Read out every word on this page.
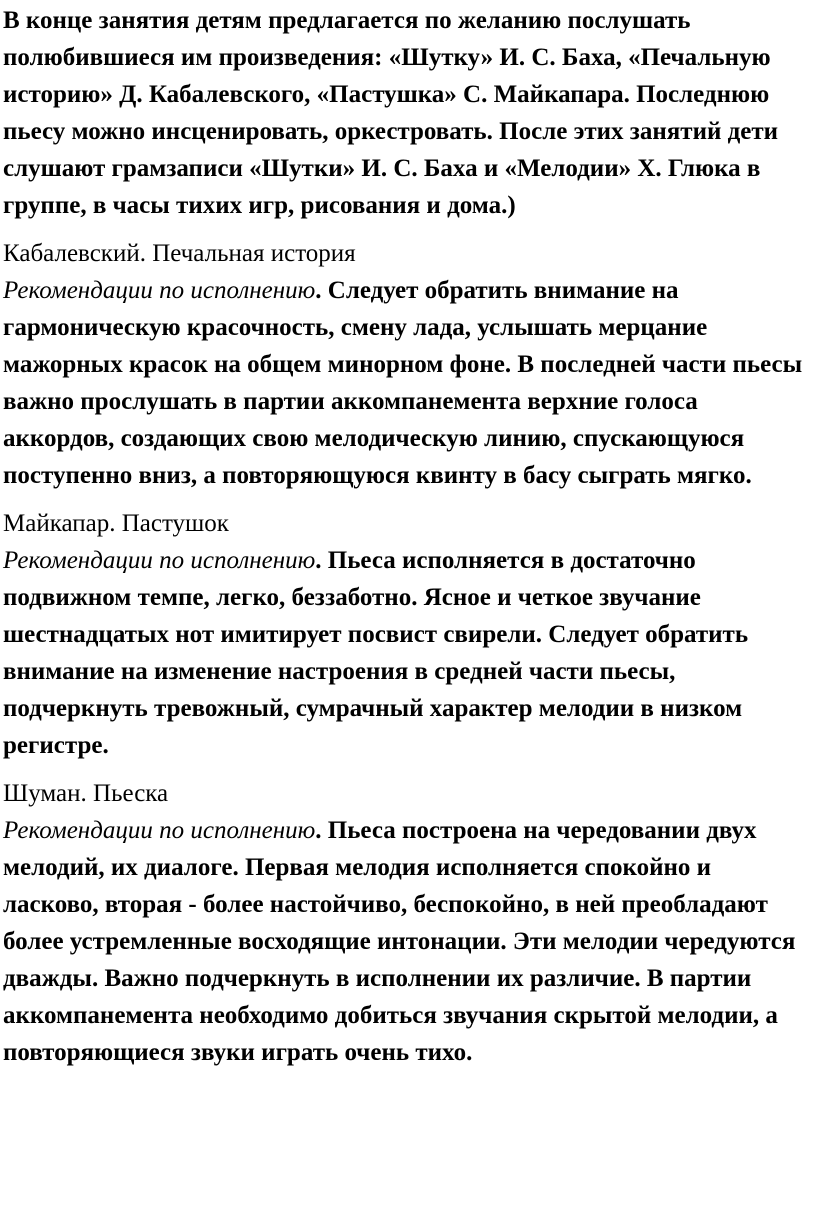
В конце занятия детям предлагается по желанию послушать полюбившиеся им произведения: «Шутку» И. С. Баха, «Печальную историю» Д. Кабалевского, «Пастушка» С. Майкапара. Последнюю пьесу можно инсценировать, оркестровать. После этих занятий дети слушают грамзаписи «Шутки» И. С. Баха и «Мелодии» Х. Глюка в группе, в часы тихих игр, рисования и дома.)

Кабалевский. Печальная история
Рекомендации по исполнению. Следует обратить внимание на гармоническую красочность, смену лада, услышать мерцание мажорных красок на общем минорном фоне. В последней части пьесы важно прослушать в партии аккомпанемента верхние голоса аккордов, создающих свою мелодическую линию, спускающуюся поступенно вниз, а повторяющуюся квинту в басу сыграть мягко.
Майкапар. Пастушок
Рекомендации по исполнению. Пьеса исполняется в достаточно подвижном темпе, легко, беззаботно. Ясное и четкое звучание шестнадцатых нот имитирует посвист свирели. Следует обратить внимание на изменение настроения в средней части пьесы, подчеркнуть тревожный, сумрачный характер мелодии в низком регистре.
Шуман. Пьеска
Рекомендации по исполнению. Пьеса построена на чередовании двух мелодий, их диалоге. Первая мелодия исполняется спокойно и ласково, вторая - более настойчиво, беспокойно, в ней преобладают более устремленные восходящие интонации. Эти мелодии чередуются дважды. Важно подчеркнуть в исполнении их различие. В партии аккомпанемента необходимо добиться звучания скрытой мелодии, а повторяющиеся звуки играть очень тихо.
